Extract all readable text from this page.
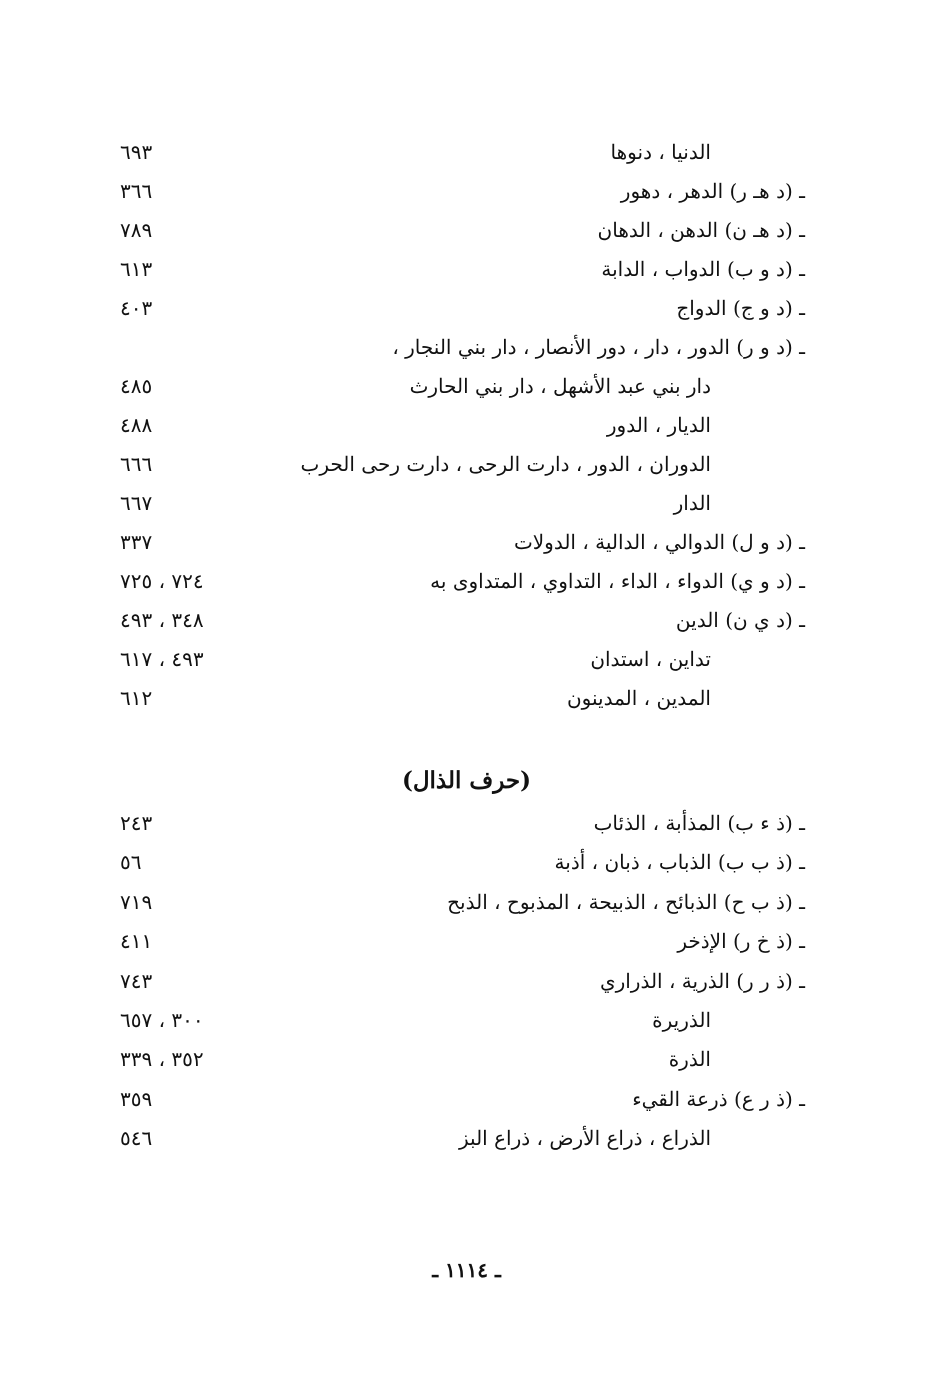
الدنيا ، دنوها
٦٩٣
ـ (د هـ ر) الدهر ، دهور
٣٦٦
ـ (د هـ ن) الدهن ، الدهان
٧٨٩
ـ (د و ب) الدواب ، الدابة
٦١٣
ـ (د و ج) الدواج
٤٠٣
ـ (د و ر) الدور ، دار ، دور الأنصار ، دار بني النجار ،
دار بني عبد الأشهل ، دار بني الحارث
٤٨٥
الديار ، الدور
٤٨٨
الدوران ، الدور ، دارت الرحى ، دارت رحى الحرب
٦٦٦
الدار
٦٦٧
ـ (د و ل) الدوالي ، الدالية ، الدولات
٣٣٧
ـ (د و ي) الدواء ، الداء ، التداوي ، المتداوى به
٧٢٤ ، ٧٢٥
ـ (د ي ن) الدين
٣٤٨ ، ٤٩٣
تداين ، استدان
٤٩٣ ، ٦١٧
المدين ، المدينون
٦١٢
(حرف الذال)
ـ (ذ ء ب) المذأبة ، الذئاب
٢٤٣
ـ (ذ ب ب) الذباب ، ذبان ، أذبة
٥٦
ـ (ذ ب ح) الذبائح ، الذبيحة ، المذبوح ، الذبح
٧١٩
ـ (ذ خ ر) الإذخر
٤١١
ـ (ذ ر ر) الذرية ، الذراري
٧٤٣
الذريرة
٣٠٠ ، ٦٥٧
الذرة
٣٥٢ ، ٣٣٩
ـ (ذ ر ع) ذرعة القيء
٣٥٩
الذراع ، ذراع الأرض ، ذراع البز
٥٤٦
ـ ١١١٤ ـ
